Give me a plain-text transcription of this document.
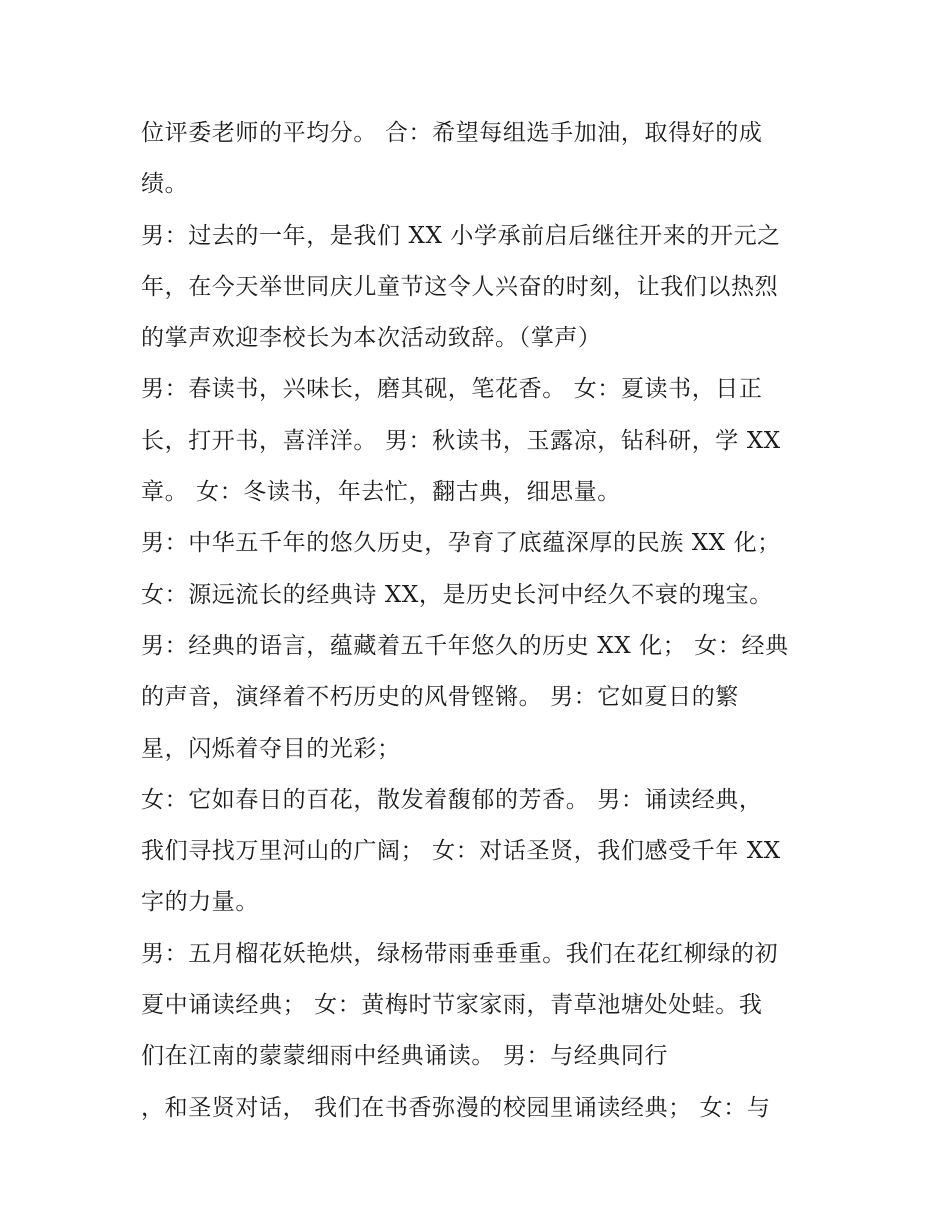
位评委老师的平均分。 合：希望每组选手加油，取得好的成
绩。
男：过去的一年，是我们 XX 小学承前启后继往开来的开元之
年，在今天举世同庆儿童节这令人兴奋的时刻，让我们以热烈
的掌声欢迎李校长为本次活动致辞。（掌声）
男：春读书，兴味长，磨其砚，笔花香。 女：夏读书，日正
长，打开书，喜洋洋。 男：秋读书，玉露凉，钻科研，学 XX
章。 女：冬读书，年去忙，翻古典，细思量。
男：中华五千年的悠久历史，孕育了底蕴深厚的民族 XX 化；
女：源远流长的经典诗 XX，是历史长河中经久不衰的瑰宝。
男：经典的语言，蕴藏着五千年悠久的历史 XX 化； 女：经典
的声音，演绎着不朽历史的风骨铿锵。 男：它如夏日的繁
星，闪烁着夺目的光彩；
女：它如春日的百花，散发着馥郁的芳香。 男：诵读经典，
我们寻找万里河山的广阔； 女：对话圣贤，我们感受千年 XX
字的力量。
男：五月榴花妖艳烘，绿杨带雨垂垂重。我们在花红柳绿的初
夏中诵读经典； 女：黄梅时节家家雨，青草池塘处处蛙。我
们在江南的蒙蒙细雨中经典诵读。 男：与经典同行
，和圣贤对话， 我们在书香弥漫的校园里诵读经典； 女：与
